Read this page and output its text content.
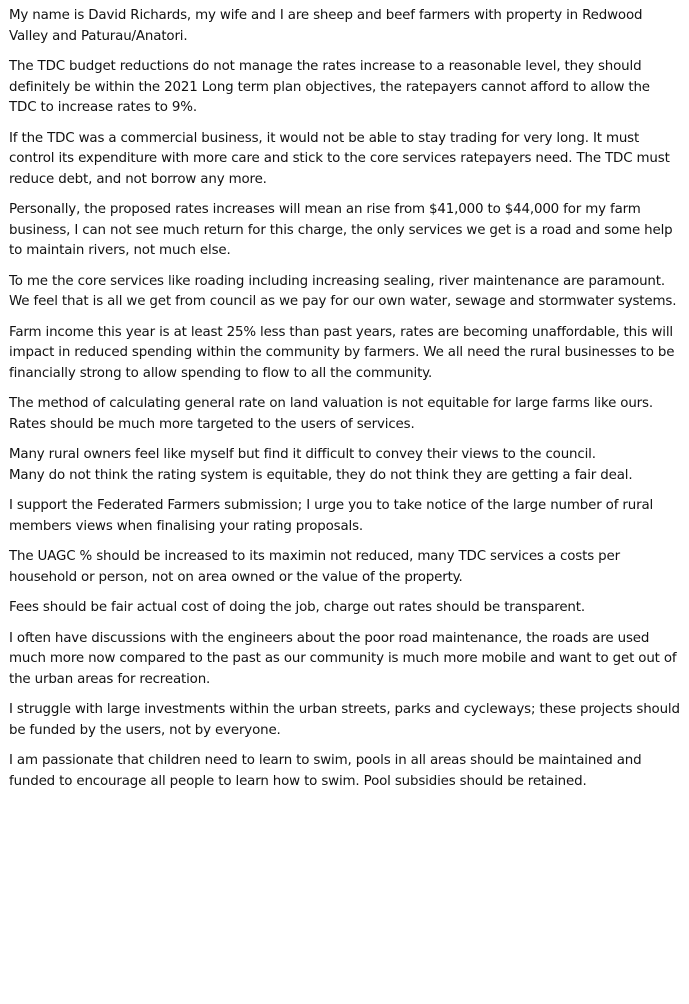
My name is David Richards, my wife and I are sheep and beef farmers with property in Redwood Valley and Paturau/Anatori.

The TDC budget reductions do not manage the rates increase to a reasonable level, they should definitely be within the 2021 Long term plan objectives, the ratepayers cannot afford to allow the TDC to increase rates to 9%.

If the TDC was a commercial business, it would not be able to stay trading for very long. It must control its expenditure with more care and stick to the core services ratepayers need. The TDC must reduce debt, and not borrow any more.

Personally, the proposed rates increases will mean an rise from $41,000 to $44,000 for my farm business, I can not see much return for this charge, the only services we get is a road and some help to maintain rivers, not much else.

To me the core services like roading including increasing sealing, river maintenance are paramount. We feel that is all we get from council as we pay for our own water, sewage and stormwater systems.

Farm income this year is at least 25% less than past years, rates are becoming unaffordable, this will impact in reduced spending within the community by farmers. We all need the rural businesses to be financially strong to allow spending to flow to all the community.

The method of calculating general rate on land valuation is not equitable for large farms like ours. Rates should be much more targeted to the users of services.

Many rural owners feel like myself but find it difficult to convey their views to the council.

Many do not think the rating system is equitable, they do not think they are getting a fair deal.

I support the Federated Farmers submission; I urge you to take notice of the large number of rural members views when finalising your rating proposals.

The UAGC % should be increased to its maximin not reduced, many TDC services a costs per household or person, not on area owned or the value of the property.

Fees should be fair actual cost of doing the job, charge out rates should be transparent.

I often have discussions with the engineers about the poor road maintenance, the roads are used much more now compared to the past as our community is much more mobile and want to get out of the urban areas for recreation.

I struggle with large investments within the urban streets, parks and cycleways; these projects should be funded by the users, not by everyone.

I am passionate that children need to learn to swim, pools in all areas should be maintained and funded to encourage all people to learn how to swim. Pool subsidies should be retained.
